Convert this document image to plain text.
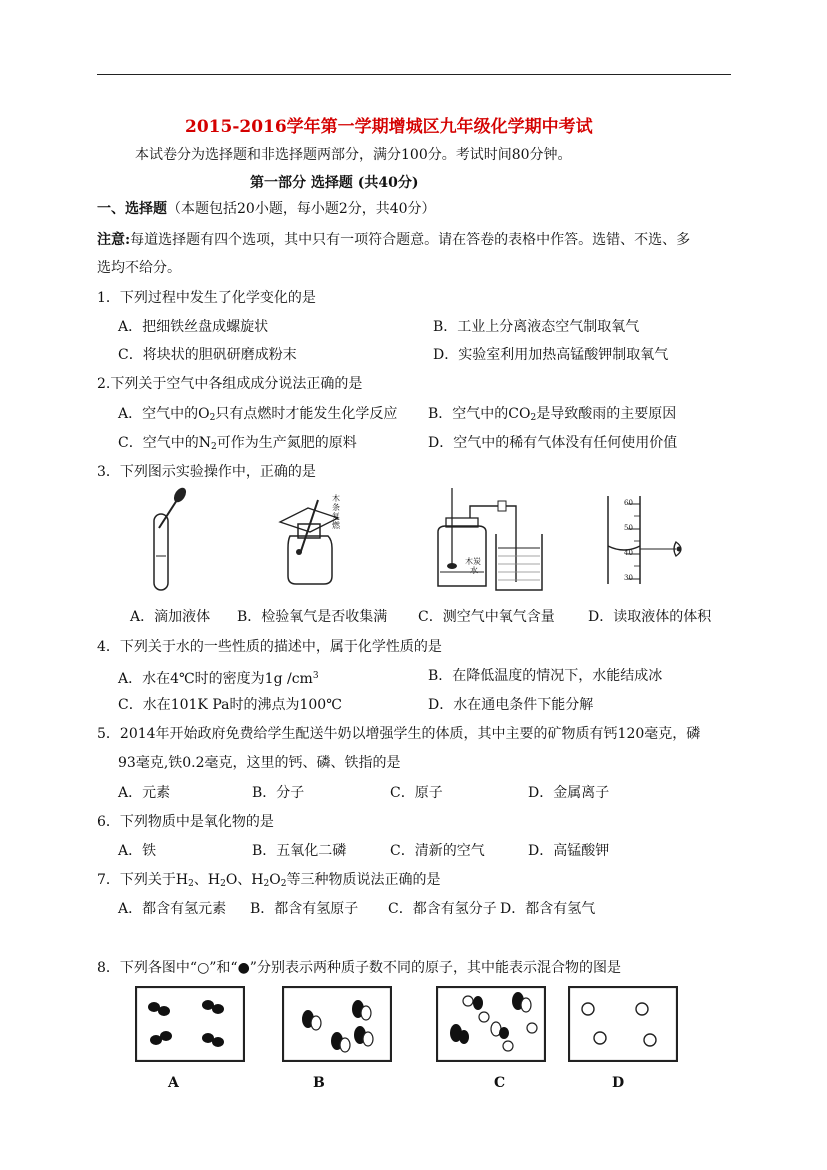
2015-2016学年第一学期增城区九年级化学期中考试
本试卷分为选择题和非选择题两部分，满分100分。考试时间80分钟。
第一部分 选择题 (共40分)
一、选择题（本题包括20小题，每小题2分，共40分）
注意:每道选择题有四个选项，其中只有一项符合题意。请在答卷的表格中作答。选错、不选、多
选均不给分。
1．下列过程中发生了化学变化的是
A．把细铁丝盘成螺旋状	B．工业上分离液态空气制取氧气
C．将块状的胆矾研磨成粉末	D．实验室利用加热高锰酸钾制取氧气
2.下列关于空气中各组成成分说法正确的是
A．空气中的$O_2$只有点燃时才能发生化学反应 B．空气中的$CO_2$是导致酸雨的主要原因
C．空气中的$N_2$可作为生产氮肥的原料	D．空气中的稀有气体没有任何使用价值
3．下列图示实验操作中，正确的是
木条复燃
木炭
水
60
50
40
30
A．滴加液体 B．检验氧气是否收集满 C．测空气中氧气含量 D．读取液体的体积
4．下列关于水的一些性质的描述中，属于化学性质的是
A．水在4℃时的密度为1g $/cm^3$	B．在降低温度的情况下，水能结成冰
C．水在101K Pa时的沸点为100℃	D．水在通电条件下能分解
5．2014年开始政府免费给学生配送牛奶以增强学生的体质，其中主要的矿物质有钙120毫克，磷
93毫克,铁0.2毫克，这里的钙、磷、铁指的是
A．元素	B．分子	C．原子	D．金属离子
6．下列物质中是氧化物的是
A．铁	B．五氧化二磷	C．清新的空气	D．高锰酸钾
7．下列关于$H_2$、$H_2O$、$H_2O_2$等三种物质说法正确的是
A．都含有氢元素 B．都含有氢原子 C．都含有氢分子 D．都含有氢气
8．下列各图中“○”和“●”分别表示两种质子数不同的原子，其中能表示混合物的图是
A	B	C	D
